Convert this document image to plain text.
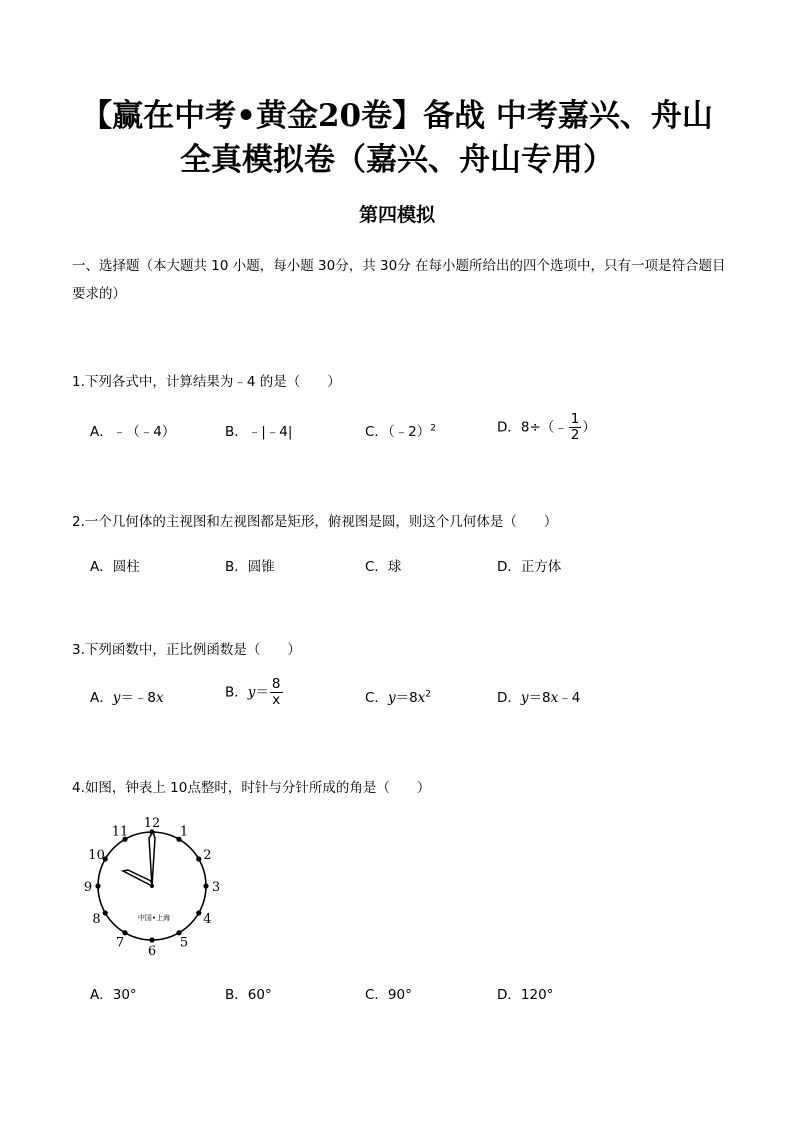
【赢在中考•黄金20卷】备战 中考嘉兴、舟山
全真模拟卷（嘉兴、舟山专用）
第四模拟
一、选择题（本大题共 10 小题，每小题 30分，共 30分 在每小题所给出的四个选项中，只有一项是符合题目要求的）
1.下列各式中，计算结果为﹣4 的是（　　）
A．﹣（﹣4）	B．﹣|﹣4|	C．（﹣2）$^2$	D．8÷（﹣ $\frac{1}{2}$ ）
2.一个几何体的主视图和左视图都是矩形，俯视图是圆，则这个几何体是（　　）
A．圆柱	B．圆锥	C．球	D．正方体
3.下列函数中，正比例函数是（　　）
A．y＝﹣8x	B．$y= \frac{8}{x}$	C．$y=8x^2$	D．y＝8x﹣4
4.如图，钟表上 10点整时，时针与分针所成的角是（　　）
12
1
2
3
4
5
6
7
8
9
10
11
中国•上海
A．30°	B．60°	C．90°	D．120°
